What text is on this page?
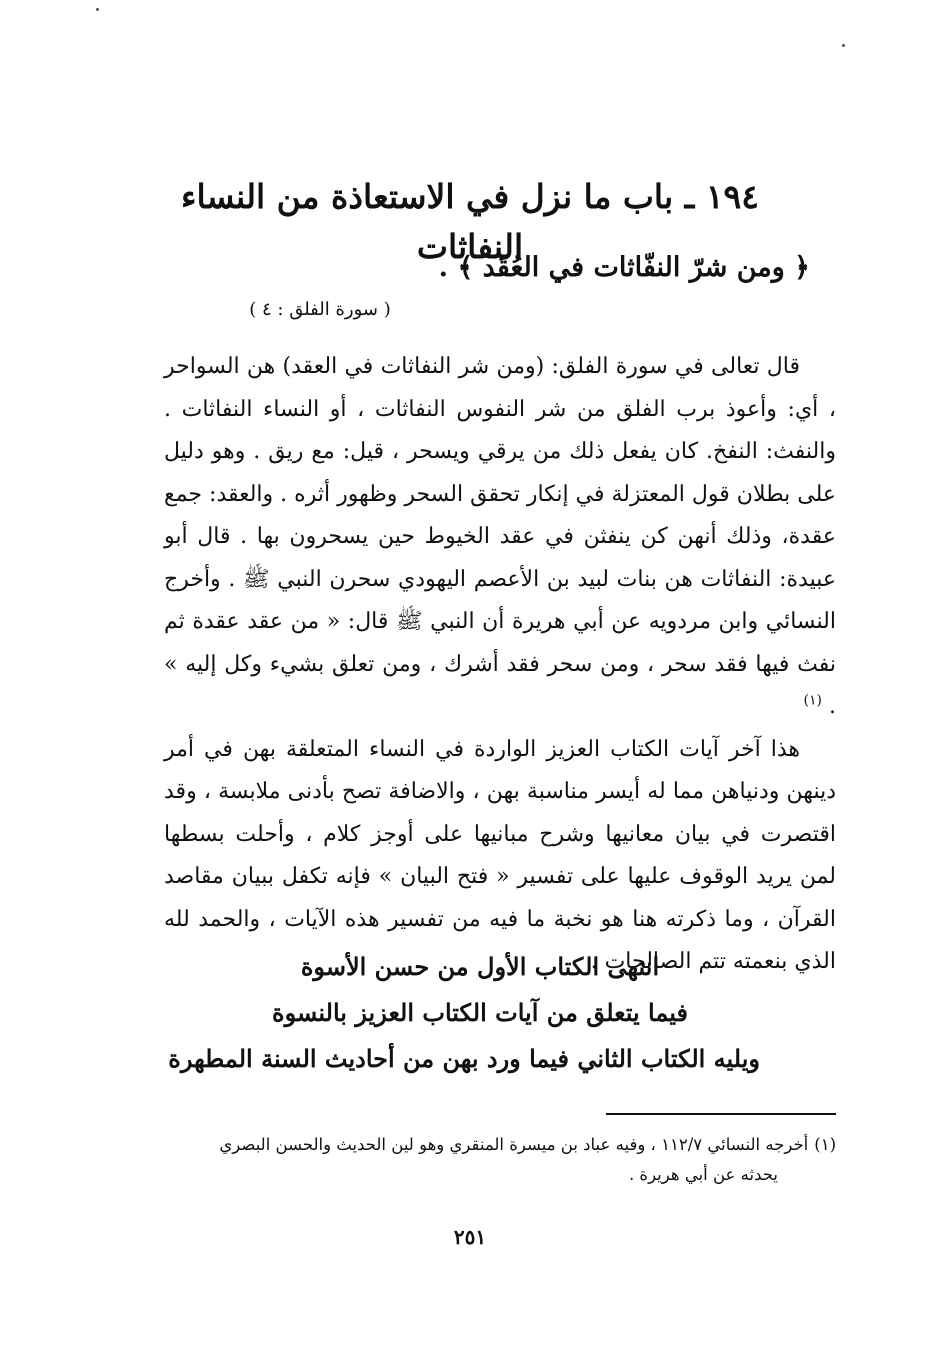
١٩٤ ـ باب ما نزل في الاستعاذة من النساء النفاثات
﴿ ومن شرّ النفّاثات في العُقَد ﴾ .
( سورة الفلق : ٤ )

قال تعالى في سورة الفلق: (ومن شر النفاثات في العقد) هن السواحر ، أي: وأعوذ برب الفلق من شر النفوس النفاثات ، أو النساء النفاثات . والنفث: النفخ. كان يفعل ذلك من يرقي ويسحر ، قيل: مع ريق . وهو دليل على بطلان قول المعتزلة في إنكار تحقق السحر وظهور أثره . والعقد: جمع عقدة، وذلك أنهن كن ينفثن في عقد الخيوط حين يسحرون بها . قال أبو عبيدة: النفاثات هن بنات لبيد بن الأعصم اليهودي سحرن النبي ﷺ . وأخرج النسائي وابن مردويه عن أبي هريرة أن النبي ﷺ قال: « من عقد عقدة ثم نفث فيها فقد سحر ، ومن سحر فقد أشرك ، ومن تعلق بشيء وكل إليه » . $^{(١)}$

هذا آخر آيات الكتاب العزيز الواردة في النساء المتعلقة بهن في أمر دينهن ودنياهن مما له أيسر مناسبة بهن ، والاضافة تصح بأدنى ملابسة ، وقد اقتصرت في بيان معانيها وشرح مبانيها على أوجز كلام ، وأحلت بسطها لمن يريد الوقوف عليها على تفسير « فتح البيان » فإنه تكفل ببيان مقاصد القرآن ، وما ذكرته هنا هو نخبة ما فيه من تفسير هذه الآيات ، والحمد لله الذي بنعمته تتم الصالحات .

انتهى الكتاب الأول من حسن الأسوة
فيما يتعلق من آيات الكتاب العزيز بالنسوة
ويليه الكتاب الثاني فيما ورد بهن من أحاديث السنة المطهرة
(١)أخرجه النسائي ١١٢/٧ ، وفيه عباد بن ميسرة المنقري وهو لين الحديث والحسن البصري
يحدثه عن أبي هريرة .
٢٥١
